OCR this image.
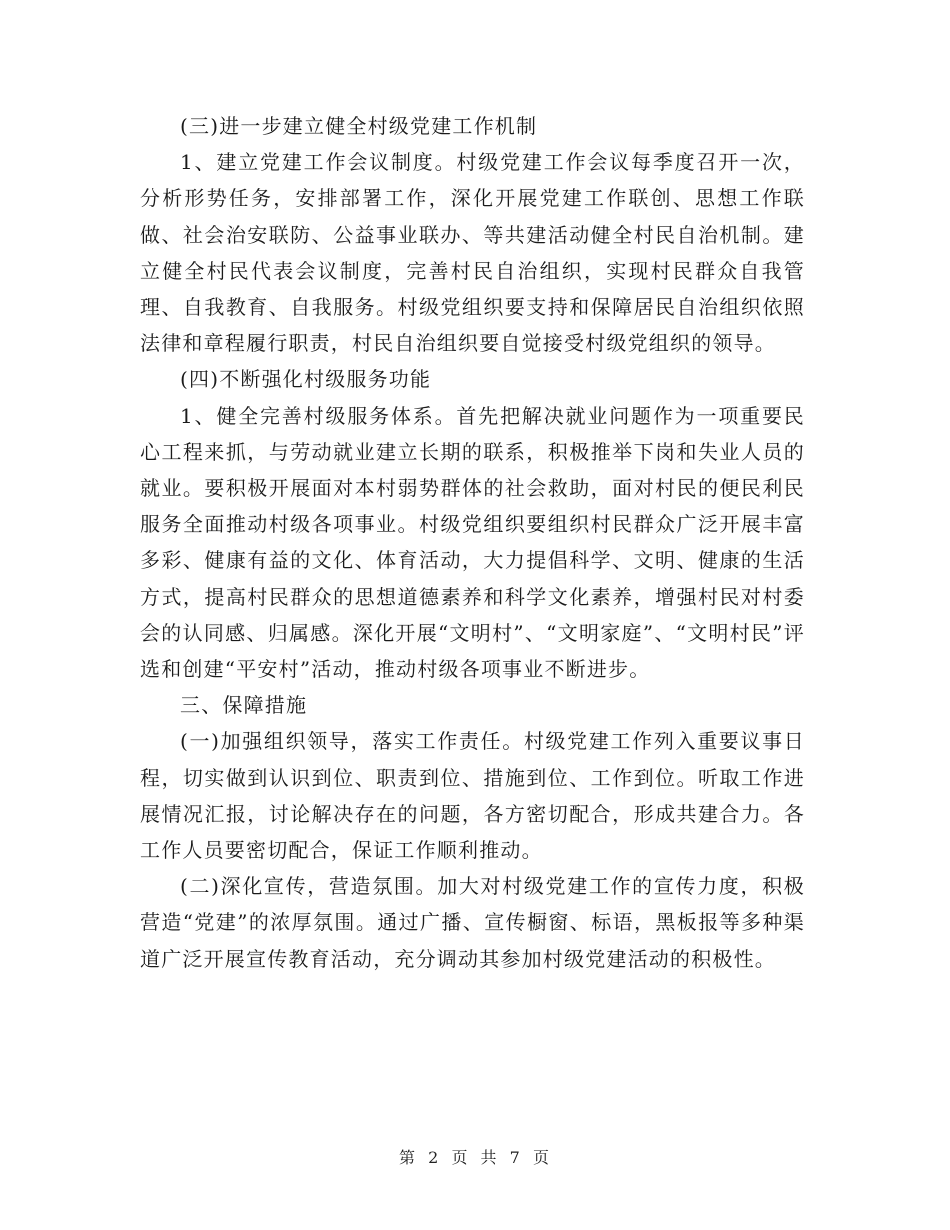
(三)进一步建立健全村级党建工作机制

1、建立党建工作会议制度。村级党建工作会议每季度召开一次，分析形势任务，安排部署工作，深化开展党建工作联创、思想工作联做、社会治安联防、公益事业联办、等共建活动健全村民自治机制。建立健全村民代表会议制度，完善村民自治组织，实现村民群众自我管理、自我教育、自我服务。村级党组织要支持和保障居民自治组织依照法律和章程履行职责，村民自治组织要自觉接受村级党组织的领导。

(四)不断强化村级服务功能

1、健全完善村级服务体系。首先把解决就业问题作为一项重要民心工程来抓，与劳动就业建立长期的联系，积极推举下岗和失业人员的就业。要积极开展面对本村弱势群体的社会救助，面对村民的便民利民服务全面推动村级各项事业。村级党组织要组织村民群众广泛开展丰富多彩、健康有益的文化、体育活动，大力提倡科学、文明、健康的生活方式，提高村民群众的思想道德素养和科学文化素养，增强村民对村委会的认同感、归属感。深化开展“文明村”、“文明家庭”、“文明村民”评选和创建“平安村”活动，推动村级各项事业不断进步。

三、保障措施

(一)加强组织领导，落实工作责任。村级党建工作列入重要议事日程，切实做到认识到位、职责到位、措施到位、工作到位。听取工作进展情况汇报，讨论解决存在的问题，各方密切配合，形成共建合力。各工作人员要密切配合，保证工作顺利推动。

(二)深化宣传，营造氛围。加大对村级党建工作的宣传力度，积极营造“党建”的浓厚氛围。通过广播、宣传橱窗、标语，黑板报等多种渠道广泛开展宣传教育活动，充分调动其参加村级党建活动的积极性。

第 2 页 共 7 页
